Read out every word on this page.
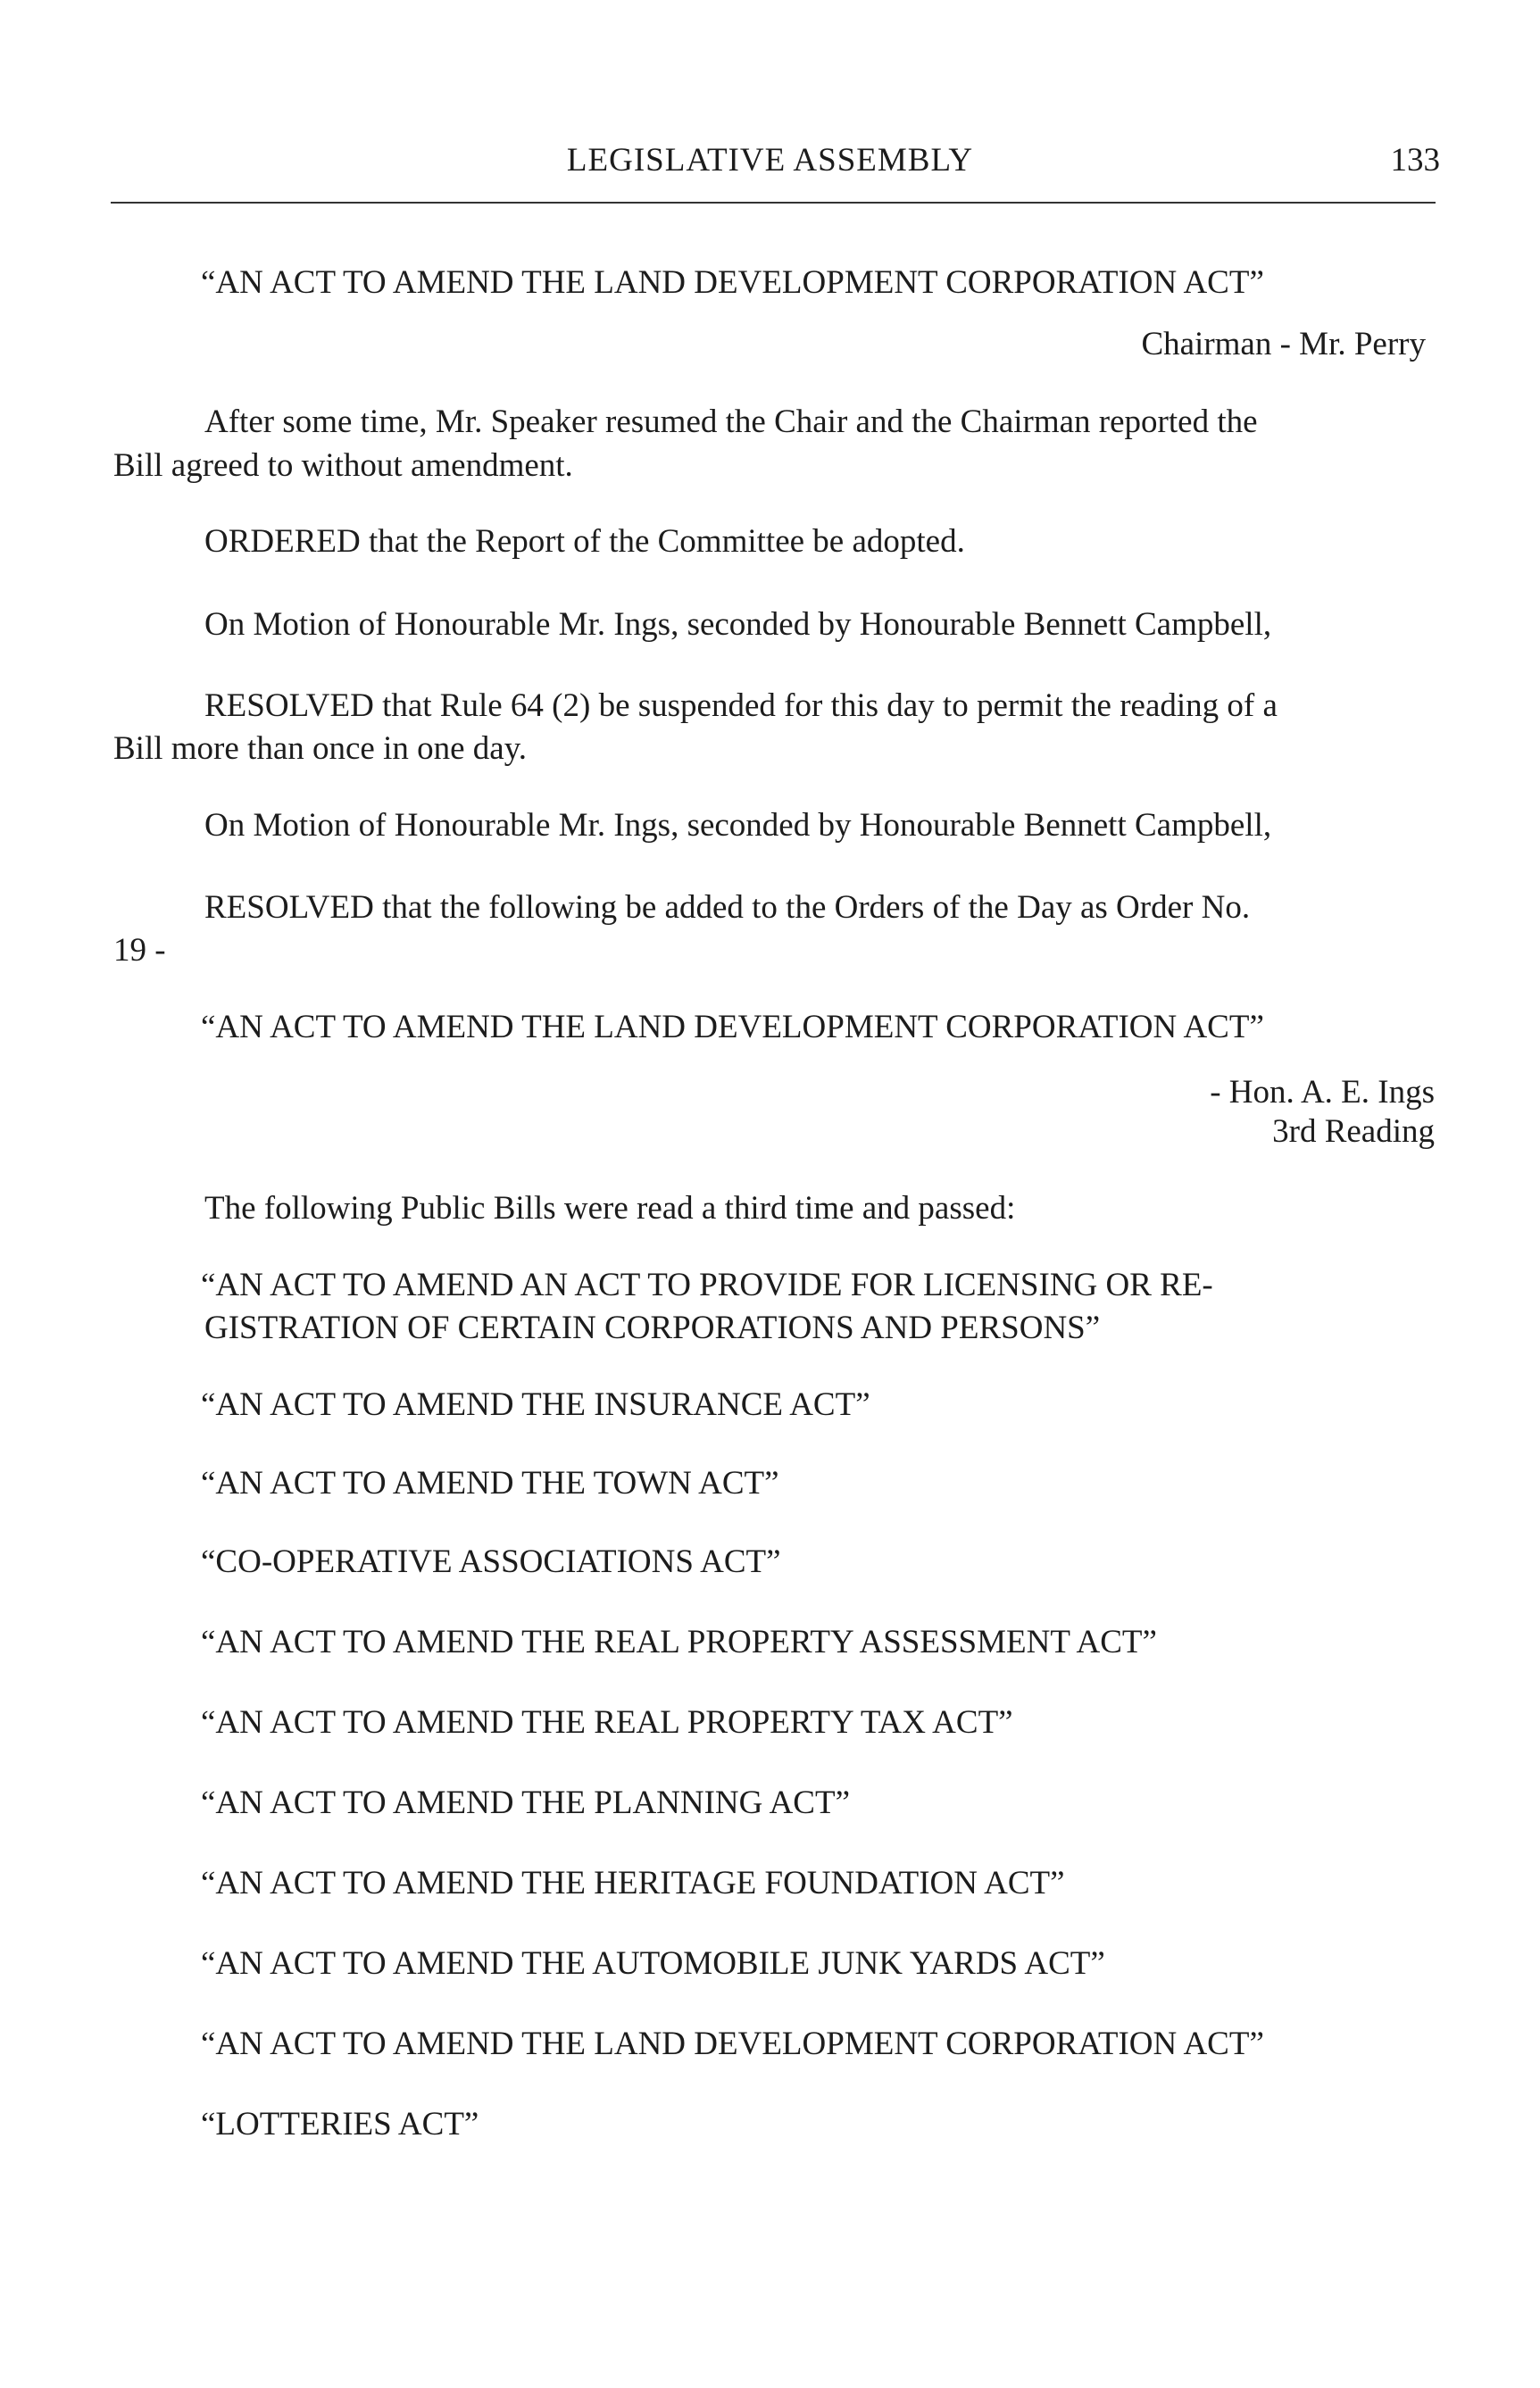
LEGISLATIVE ASSEMBLY	133
“AN ACT TO AMEND THE LAND DEVELOPMENT CORPORATION ACT”
Chairman - Mr. Perry
After some time, Mr. Speaker resumed the Chair and the Chairman reported the
Bill agreed to without amendment.
ORDERED that the Report of the Committee be adopted.
On Motion of Honourable Mr. Ings, seconded by Honourable Bennett Campbell,
RESOLVED that Rule 64 (2) be suspended for this day to permit the reading of a
Bill more than once in one day.
On Motion of Honourable Mr. Ings, seconded by Honourable Bennett Campbell,
RESOLVED that the following be added to the Orders of the Day as Order No.
19 -
“AN ACT TO AMEND THE LAND DEVELOPMENT CORPORATION ACT”
- Hon. A. E. Ings
3rd Reading
The following Public Bills were read a third time and passed:
“AN ACT TO AMEND AN ACT TO PROVIDE FOR LICENSING OR RE-
GISTRATION OF CERTAIN CORPORATIONS AND PERSONS”
“AN ACT TO AMEND THE INSURANCE ACT”
“AN ACT TO AMEND THE TOWN ACT”
“CO-OPERATIVE ASSOCIATIONS ACT”
“AN ACT TO AMEND THE REAL PROPERTY ASSESSMENT ACT”
“AN ACT TO AMEND THE REAL PROPERTY TAX ACT”
“AN ACT TO AMEND THE PLANNING ACT”
“AN ACT TO AMEND THE HERITAGE FOUNDATION ACT”
“AN ACT TO AMEND THE AUTOMOBILE JUNK YARDS ACT”
“AN ACT TO AMEND THE LAND DEVELOPMENT CORPORATION ACT”
“LOTTERIES ACT”
